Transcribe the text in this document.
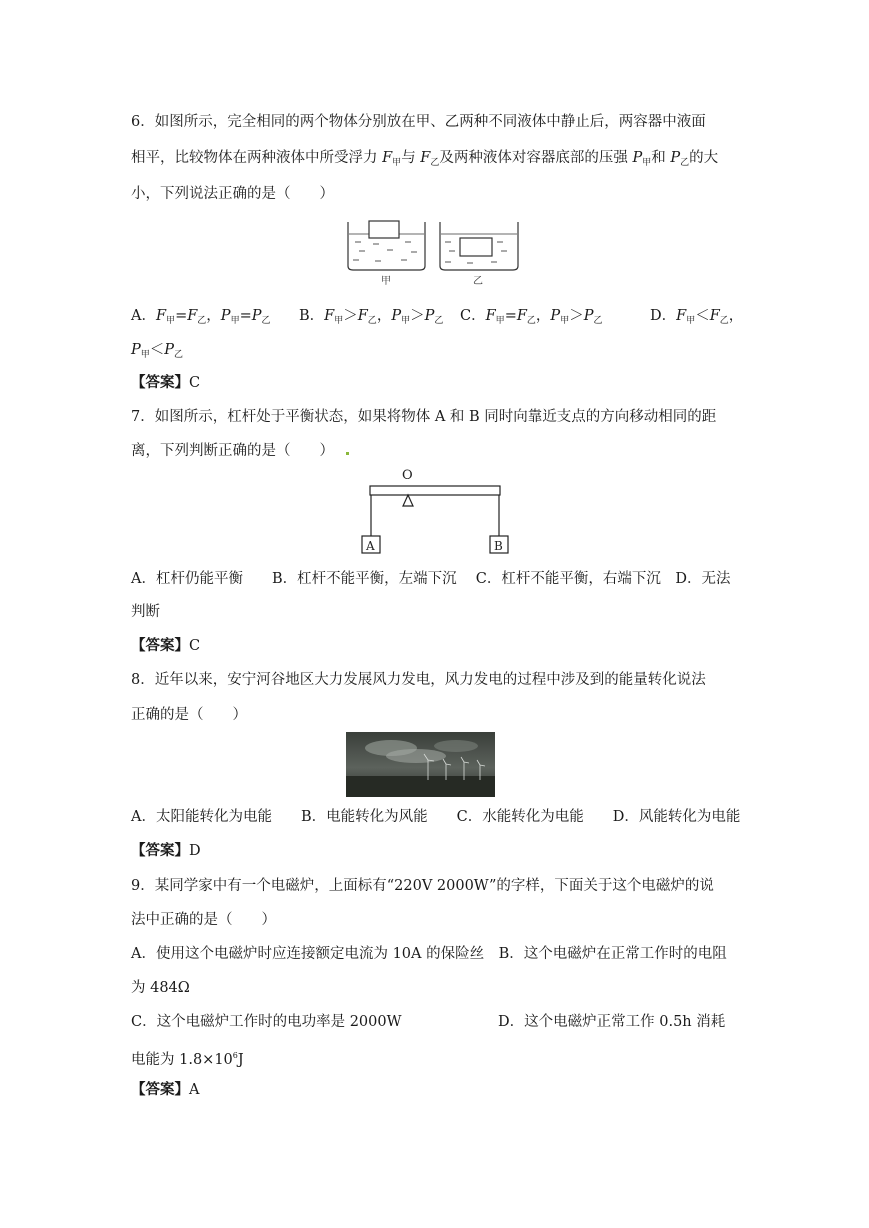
6．如图所示，完全相同的两个物体分别放在甲、乙两种不同液体中静止后，两容器中液面
相平，比较物体在两种液体中所受浮力 $F_甲$与 $F_乙$及两种液体对容器底部的压强 $P_甲$和 $P_乙$的大
小，下列说法正确的是（　　）
甲	乙
A．$F_甲=F_乙$，$P_甲=P_乙$ B．$F_甲>F_乙$，$P_甲>P_乙$ C．$F_甲=F_乙$，$P_甲>P_乙$	D．$F_甲<F_乙$，
$P_甲<P_乙$
【答案】C
7．如图所示，杠杆处于平衡状态，如果将物体 A 和 B 同时向靠近支点的方向移动相同的距
离，下列判断正确的是（　　）
O
A	B
A．杠杆仍能平衡　　B．杠杆不能平衡，左端下沉　 C．杠杆不能平衡，右端下沉　D．无法
判断
【答案】C
8．近年以来，安宁河谷地区大力发展风力发电，风力发电的过程中涉及到的能量转化说法
正确的是（　　）
A．太阳能转化为电能　　B．电能转化为风能　　C．水能转化为电能　　D．风能转化为电能
【答案】D
9．某同学家中有一个电磁炉，上面标有“220V 2000W”的字样，下面关于这个电磁炉的说
法中正确的是（　　）
A．使用这个电磁炉时应连接额定电流为 10A 的保险丝　B．这个电磁炉在正常工作时的电阻
为 484Ω
C．这个电磁炉工作时的电功率是 2000W	D．这个电磁炉正常工作 0.5h 消耗
电能为 $1.8\times 10^6J$
【答案】A
